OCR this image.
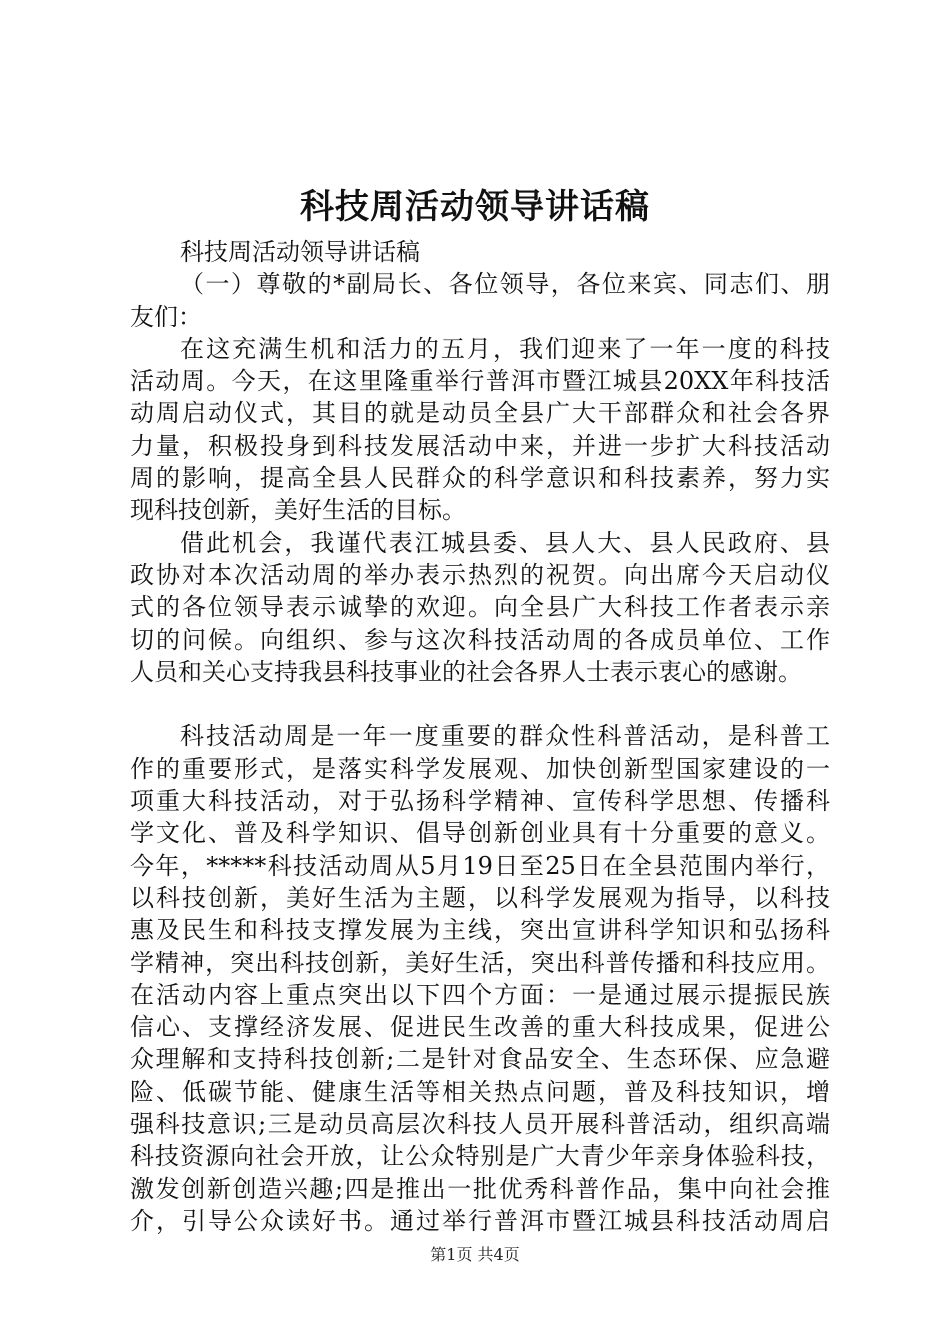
科技周活动领导讲话稿
科技周活动领导讲话稿
（一）尊敬的*副局长、各位领导，各位来宾、同志们、朋
友们：
在这充满生机和活力的五月，我们迎来了一年一度的科技
活动周。今天，在这里隆重举行普洱市暨江城县20XX年科技活
动周启动仪式，其目的就是动员全县广大干部群众和社会各界
力量，积极投身到科技发展活动中来，并进一步扩大科技活动
周的影响，提高全县人民群众的科学意识和科技素养，努力实
现科技创新，美好生活的目标。
借此机会，我谨代表江城县委、县人大、县人民政府、县
政协对本次活动周的举办表示热烈的祝贺。向出席今天启动仪
式的各位领导表示诚挚的欢迎。向全县广大科技工作者表示亲
切的问候。向组织、参与这次科技活动周的各成员单位、工作
人员和关心支持我县科技事业的社会各界人士表示衷心的感谢。
科技活动周是一年一度重要的群众性科普活动，是科普工
作的重要形式，是落实科学发展观、加快创新型国家建设的一
项重大科技活动，对于弘扬科学精神、宣传科学思想、传播科
学文化、普及科学知识、倡导创新创业具有十分重要的意义。
今年，*****科技活动周从5月19日至25日在全县范围内举行，
以科技创新，美好生活为主题，以科学发展观为指导，以科技
惠及民生和科技支撑发展为主线，突出宣讲科学知识和弘扬科
学精神，突出科技创新，美好生活，突出科普传播和科技应用。
在活动内容上重点突出以下四个方面：一是通过展示提振民族
信心、支撑经济发展、促进民生改善的重大科技成果，促进公
众理解和支持科技创新;二是针对食品安全、生态环保、应急避
险、低碳节能、健康生活等相关热点问题，普及科技知识，增
强科技意识;三是动员高层次科技人员开展科普活动，组织高端
科技资源向社会开放，让公众特别是广大青少年亲身体验科技，
激发创新创造兴趣;四是推出一批优秀科普作品，集中向社会推
介，引导公众读好书。通过举行普洱市暨江城县科技活动周启
第1页 共4页
